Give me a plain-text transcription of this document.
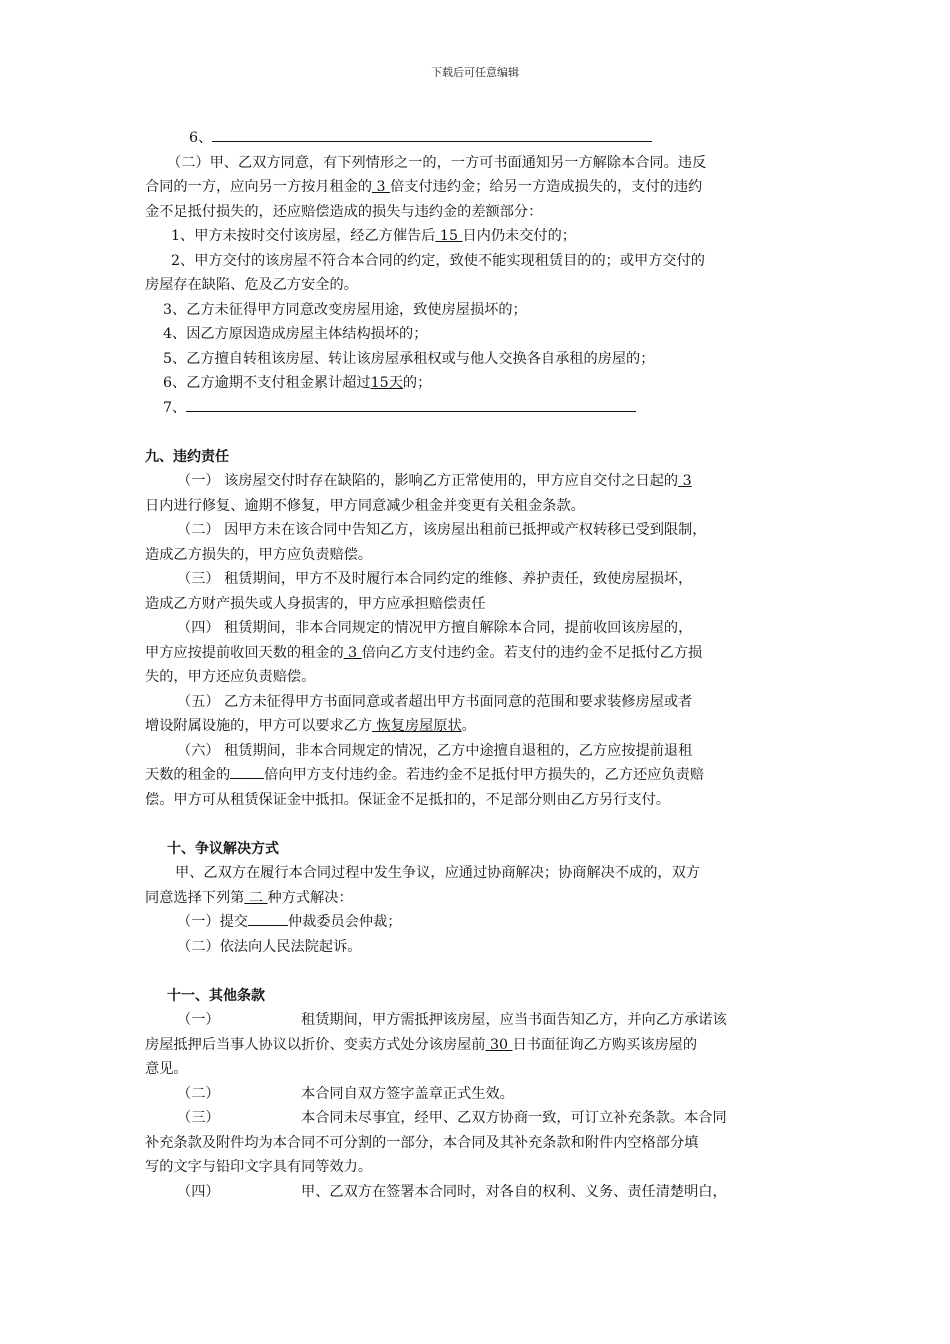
下载后可任意编辑
6、
（二）甲、乙双方同意，有下列情形之一的，一方可书面通知另一方解除本合同。违反
合同的一方，应向另一方按月租金的 3 倍支付违约金；给另一方造成损失的，支付的违约
金不足抵付损失的，还应赔偿造成的损失与违约金的差额部分：
1、甲方未按时交付该房屋，经乙方催告后 15 日内仍未交付的；
2、甲方交付的该房屋不符合本合同的约定，致使不能实现租赁目的的；或甲方交付的
房屋存在缺陷、危及乙方安全的。
3、乙方未征得甲方同意改变房屋用途，致使房屋损坏的；
4、因乙方原因造成房屋主体结构损坏的；
5、乙方擅自转租该房屋、转让该房屋承租权或与他人交换各自承租的房屋的；
6、乙方逾期不支付租金累计超过15天的；
7、
九、违约责任
（一） 该房屋交付时存在缺陷的，影响乙方正常使用的，甲方应自交付之日起的 3
日内进行修复、逾期不修复，甲方同意减少租金并变更有关租金条款。
（二） 因甲方未在该合同中告知乙方，该房屋出租前已抵押或产权转移已受到限制，
造成乙方损失的，甲方应负责赔偿。
（三） 租赁期间，甲方不及时履行本合同约定的维修、养护责任，致使房屋损坏，
造成乙方财产损失或人身损害的，甲方应承担赔偿责任
（四） 租赁期间，非本合同规定的情况甲方擅自解除本合同，提前收回该房屋的，
甲方应按提前收回天数的租金的 3 倍向乙方支付违约金。若支付的违约金不足抵付乙方损
失的，甲方还应负责赔偿。
（五） 乙方未征得甲方书面同意或者超出甲方书面同意的范围和要求装修房屋或者
增设附属设施的，甲方可以要求乙方 恢复房屋原状。
（六） 租赁期间，非本合同规定的情况，乙方中途擅自退租的，乙方应按提前退租
天数的租金的 倍向甲方支付违约金。若违约金不足抵付甲方损失的，乙方还应负责赔
偿。甲方可从租赁保证金中抵扣。保证金不足抵扣的，不足部分则由乙方另行支付。
十、争议解决方式
甲、乙双方在履行本合同过程中发生争议，应通过协商解决；协商解决不成的，双方
同意选择下列第 二 种方式解决：
（一）提交	仲裁委员会仲裁；
（二）依法向人民法院起诉。
十一、其他条款
（一）	租赁期间，甲方需抵押该房屋，应当书面告知乙方，并向乙方承诺该
房屋抵押后当事人协议以折价、变卖方式处分该房屋前 30 日书面征询乙方购买该房屋的
意见。
（二）	本合同自双方签字盖章正式生效。
（三）	本合同未尽事宜，经甲、乙双方协商一致，可订立补充条款。本合同
补充条款及附件均为本合同不可分割的一部分，本合同及其补充条款和附件内空格部分填
写的文字与铅印文字具有同等效力。
（四）	甲、乙双方在签署本合同时，对各自的权利、义务、责任清楚明白，
